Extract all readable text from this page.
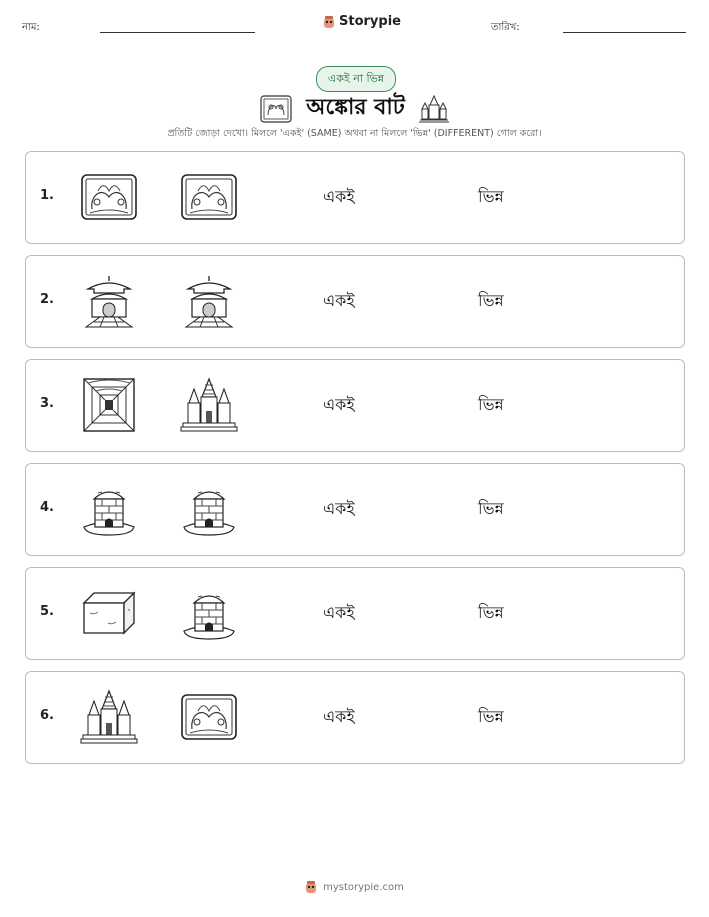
নাম:	Storypie	তারিখ:
একই না ভিন্ন
অঙ্কোর বাট
প্রতিটি জোড়া দেখো। মিললে 'একই' (SAME) অথবা না মিললে 'ভিন্ন' (DIFFERENT) গোল করো।
1.	একই	ভিন্ন
2.	একই	ভিন্ন
3.	একই	ভিন্ন
4.	একই	ভিন্ন
5.	একই	ভিন্ন
6.	একই	ভিন্ন
mystorypie.com
